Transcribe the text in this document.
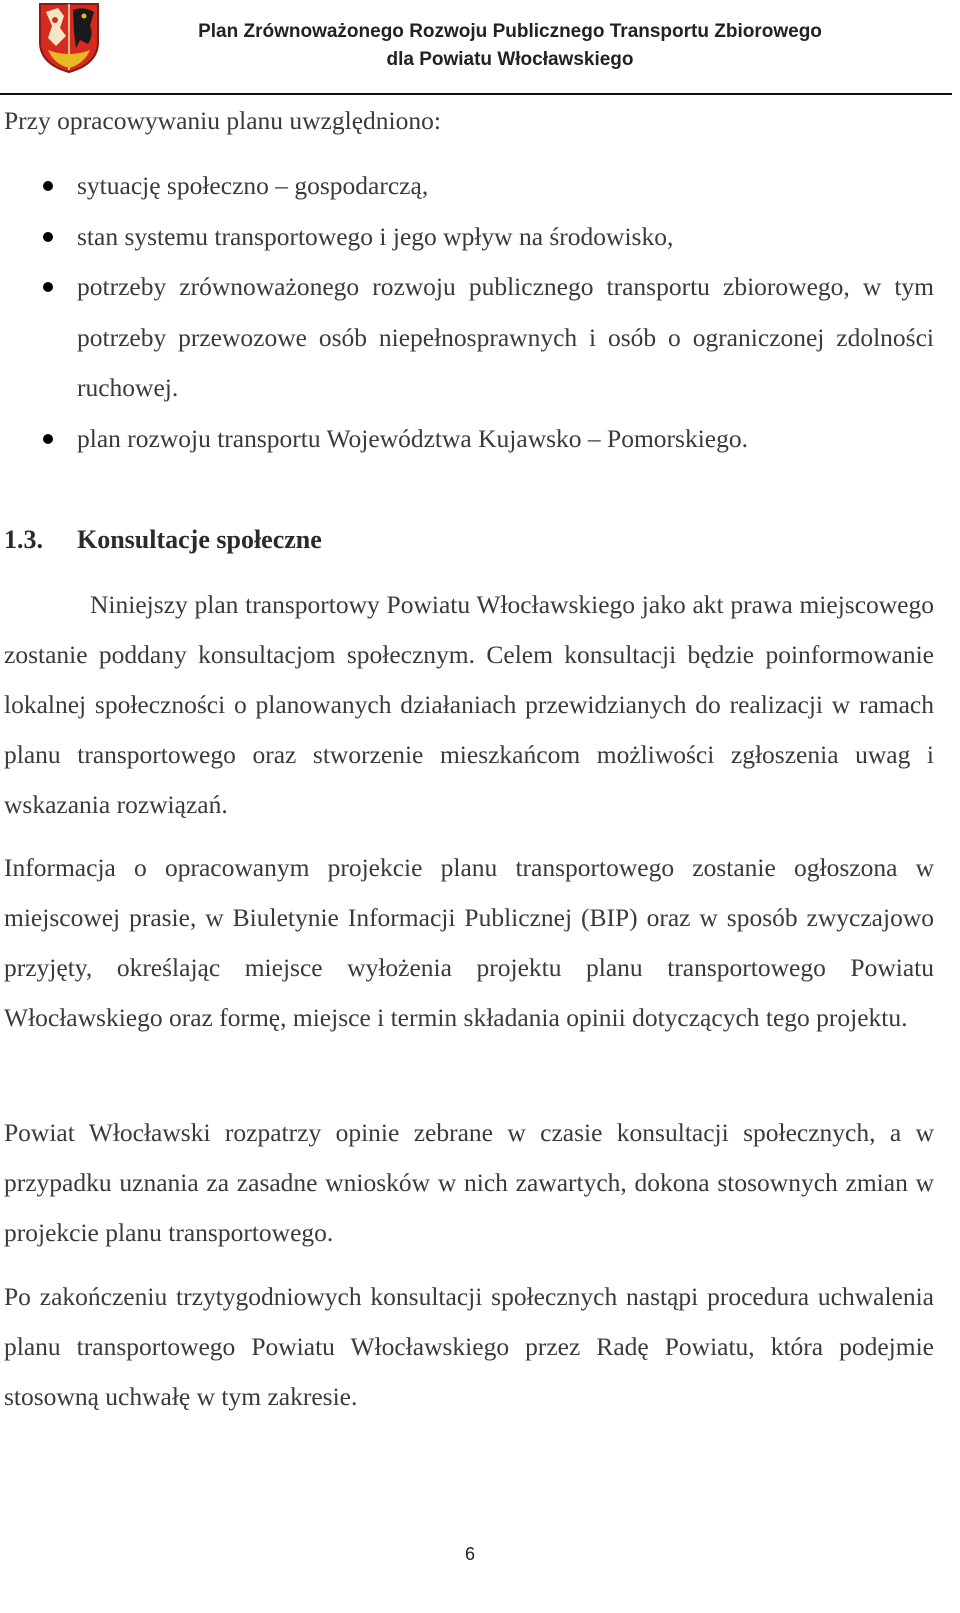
Plan Zrównoważonego Rozwoju Publicznego Transportu Zbiorowego
dla Powiatu Włocławskiego
Przy opracowywaniu planu uwzględniono:
sytuację społeczno – gospodarczą,
stan systemu transportowego i jego wpływ na środowisko,
potrzeby zrównoważonego rozwoju publicznego transportu zbiorowego, w tym potrzeby przewozowe osób niepełnosprawnych i osób o ograniczonej zdolności ruchowej.
plan rozwoju transportu Województwa Kujawsko – Pomorskiego.
1.3. Konsultacje społeczne
Niniejszy plan transportowy Powiatu Włocławskiego jako akt prawa miejscowego zostanie poddany konsultacjom społecznym. Celem konsultacji będzie poinformowanie lokalnej społeczności o planowanych działaniach przewidzianych do realizacji w ramach planu transportowego oraz stworzenie mieszkańcom możliwości zgłoszenia uwag i wskazania rozwiązań.
Informacja o opracowanym projekcie planu transportowego zostanie ogłoszona w miejscowej prasie, w Biuletynie Informacji Publicznej (BIP) oraz w sposób zwyczajowo przyjęty, określając miejsce wyłożenia projektu planu transportowego Powiatu Włocławskiego oraz formę, miejsce i termin składania opinii dotyczących tego projektu.
Powiat Włocławski rozpatrzy opinie zebrane w czasie konsultacji społecznych, a w przypadku uznania za zasadne wniosków w nich zawartych, dokona stosownych zmian w projekcie planu transportowego.
Po zakończeniu trzytygodniowych konsultacji społecznych nastąpi procedura uchwalenia planu transportowego Powiatu Włocławskiego przez Radę Powiatu, która podejmie stosowną uchwałę w tym zakresie.
6
